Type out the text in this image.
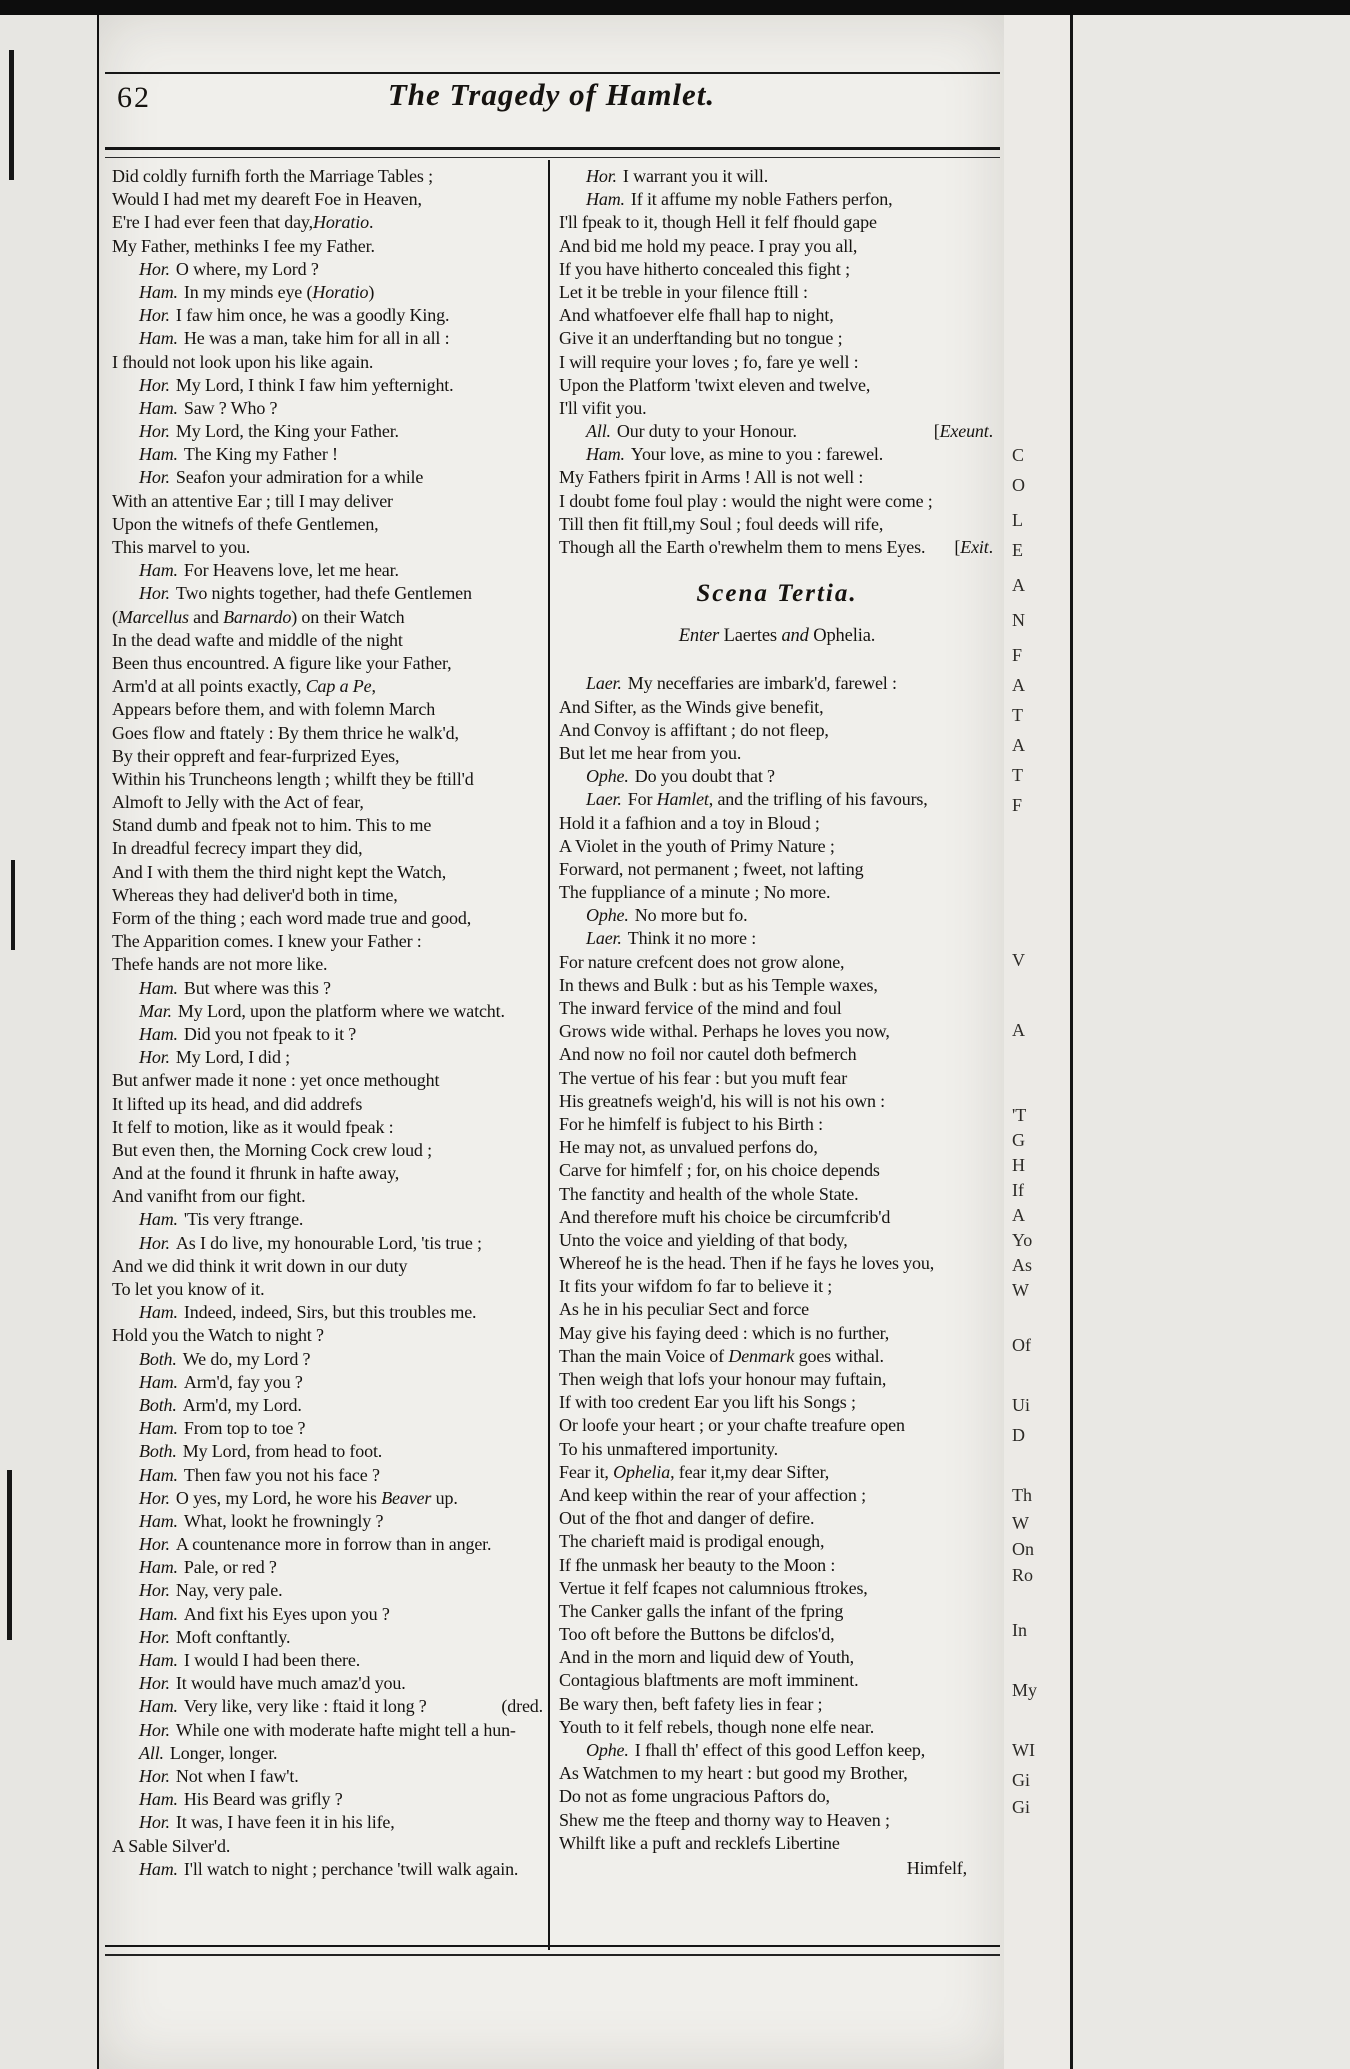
62	The Tragedy of Hamlet.
Did coldly furnifh forth the Marriage Tables ;
Would I had met my deareft Foe in Heaven,
E're I had ever feen that day,Horatio.
My Father, methinks I fee my Father.
Hor. O where, my Lord ?
Ham. In my minds eye (Horatio)
Hor. I faw him once, he was a goodly King.
Ham. He was a man, take him for all in all :
I fhould not look upon his like again.
Hor. My Lord, I think I faw him yefternight.
Ham. Saw ? Who ?
Hor. My Lord, the King your Father.
Ham. The King my Father !
Hor. Seafon your admiration for a while
With an attentive Ear ; till I may deliver
Upon the witnefs of thefe Gentlemen,
This marvel to you.
Ham. For Heavens love, let me hear.
Hor. Two nights together, had thefe Gentlemen
(Marcellus and Barnardo) on their Watch
In the dead wafte and middle of the night
Been thus encountred. A figure like your Father,
Arm'd at all points exactly, Cap a Pe,
Appears before them, and with folemn March
Goes flow and ftately : By them thrice he walk'd,
By their oppreft and fear-furprized Eyes,
Within his Truncheons length ; whilft they be ftill'd
Almoft to Jelly with the Act of fear,
Stand dumb and fpeak not to him. This to me
In dreadful fecrecy impart they did,
And I with them the third night kept the Watch,
Whereas they had deliver'd both in time,
Form of the thing ; each word made true and good,
The Apparition comes. I knew your Father :
Thefe hands are not more like.
Ham. But where was this ?
Mar. My Lord, upon the platform where we watcht.
Ham. Did you not fpeak to it ?
Hor. My Lord, I did ;
But anfwer made it none : yet once methought
It lifted up its head, and did addrefs
It felf to motion, like as it would fpeak :
But even then, the Morning Cock crew loud ;
And at the found it fhrunk in hafte away,
And vanifht from our fight.
Ham. 'Tis very ftrange.
Hor. As I do live, my honourable Lord, 'tis true ;
And we did think it writ down in our duty
To let you know of it.
Ham. Indeed, indeed, Sirs, but this troubles me.
Hold you the Watch to night ?
Both. We do, my Lord ?
Ham. Arm'd, fay you ?
Both. Arm'd, my Lord.
Ham. From top to toe ?
Both. My Lord, from head to foot.
Ham. Then faw you not his face ?
Hor. O yes, my Lord, he wore his Beaver up.
Ham. What, lookt he frowningly ?
Hor. A countenance more in forrow than in anger.
Ham. Pale, or red ?
Hor. Nay, very pale.
Ham. And fixt his Eyes upon you ?
Hor. Moft conftantly.
Ham. I would I had been there.
Hor. It would have much amaz'd you.
Ham. Very like, very like : ftaid it long ?	(dred.
Hor. While one with moderate hafte might tell a hun-
All. Longer, longer.
Hor. Not when I faw't.
Ham. His Beard was grifly ?
Hor. It was, I have feen it in his life,
A Sable Silver'd.
Ham. I'll watch to night ; perchance 'twill walk again.
Hor. I warrant you it will.
Ham. If it affume my noble Fathers perfon,
I'll fpeak to it, though Hell it felf fhould gape
And bid me hold my peace. I pray you all,
If you have hitherto concealed this fight ;
Let it be treble in your filence ftill :
And whatfoever elfe fhall hap to night,
Give it an underftanding but no tongue ;
I will require your loves ; fo, fare ye well :
Upon the Platform 'twixt eleven and twelve,
I'll vifit you.
All. Our duty to your Honour.	[Exeunt.
Ham. Your love, as mine to you : farewel.
My Fathers fpirit in Arms ! All is not well :
I doubt fome foul play : would the night were come ;
Till then fit ftill,my Soul ; foul deeds will rife,
Though all the Earth o'rewhelm them to mens Eyes. [Exit.
Scena Tertia.
Enter Laertes and Ophelia.
Laer. My neceffaries are imbark'd, farewel :
And Sifter, as the Winds give benefit,
And Convoy is affiftant ; do not fleep,
But let me hear from you.
Ophe. Do you doubt that ?
Laer. For Hamlet, and the trifling of his favours,
Hold it a fafhion and a toy in Bloud ;
A Violet in the youth of Primy Nature ;
Forward, not permanent ; fweet, not lafting
The fuppliance of a minute ; No more.
Ophe. No more but fo.
Laer. Think it no more :
For nature crefcent does not grow alone,
In thews and Bulk : but as his Temple waxes,
The inward fervice of the mind and foul
Grows wide withal. Perhaps he loves you now,
And now no foil nor cautel doth befmerch
The vertue of his fear : but you muft fear
His greatnefs weigh'd, his will is not his own :
For he himfelf is fubject to his Birth :
He may not, as unvalued perfons do,
Carve for himfelf ; for, on his choice depends
The fanctity and health of the whole State.
And therefore muft his choice be circumfcrib'd
Unto the voice and yielding of that body,
Whereof he is the head. Then if he fays he loves you,
It fits your wifdom fo far to believe it ;
As he in his peculiar Sect and force
May give his faying deed : which is no further,
Than the main Voice of Denmark goes withal.
Then weigh that lofs your honour may fuftain,
If with too credent Ear you lift his Songs ;
Or loofe your heart ; or your chafte treafure open
To his unmaftered importunity.
Fear it, Ophelia, fear it,my dear Sifter,
And keep within the rear of your affection ;
Out of the fhot and danger of defire.
The charieft maid is prodigal enough,
If fhe unmask her beauty to the Moon :
Vertue it felf fcapes not calumnious ftrokes,
The Canker galls the infant of the fpring
Too oft before the Buttons be difclos'd,
And in the morn and liquid dew of Youth,
Contagious blaftments are moft imminent.
Be wary then, beft fafety lies in fear ;
Youth to it felf rebels, though none elfe near.
Ophe. I fhall th' effect of this good Leffon keep,
As Watchmen to my heart : but good my Brother,
Do not as fome ungracious Paftors do,
Shew me the fteep and thorny way to Heaven ;
Whilft like a puft and recklefs Libertine
Himfelf,
C
O
L
E
A
N
F
A
T
A
T
F
V
A
'T
G
H
If
A
Yo
As
W
Of
Ui
D
Th
W
On
Ro
In
My
WI
Gi
Gi
